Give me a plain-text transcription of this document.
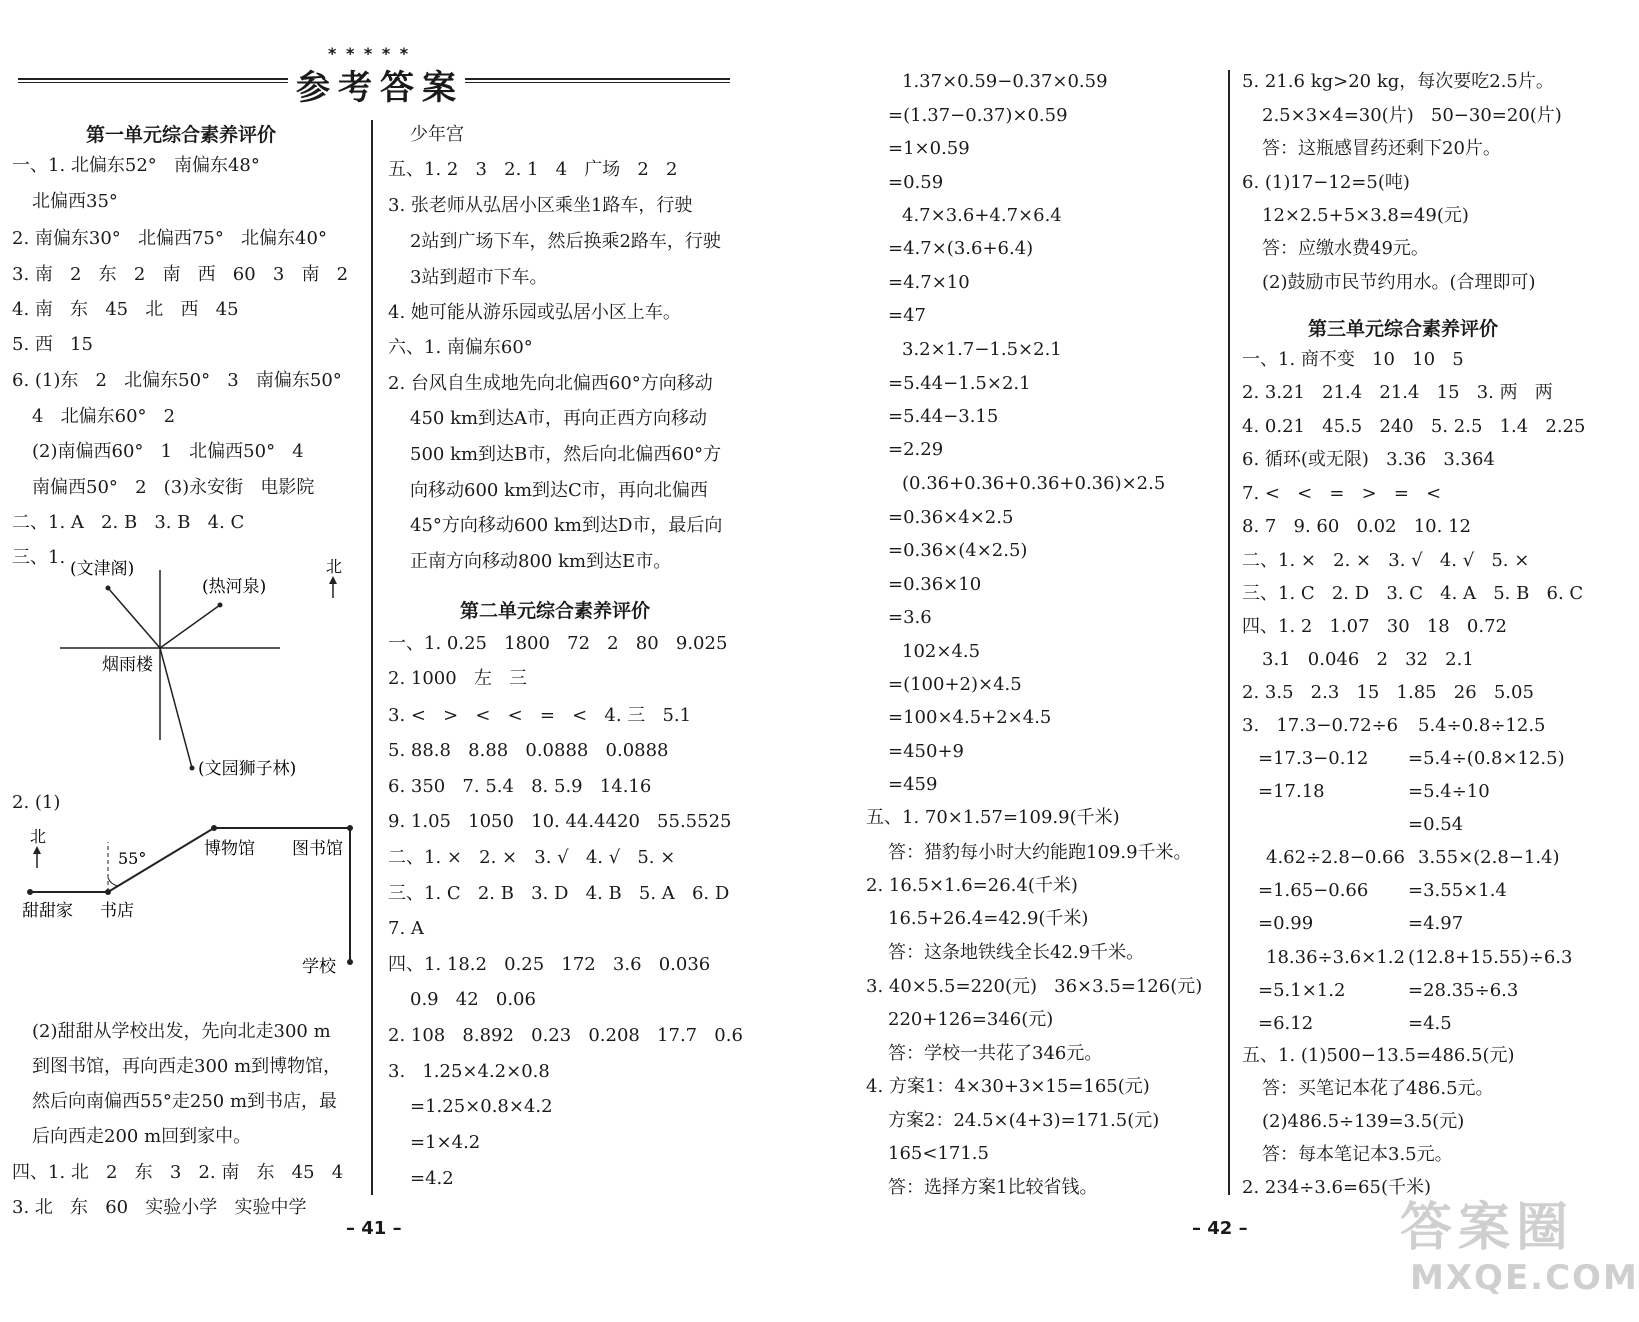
* * * * *
参考答案
第一单元综合素养评价
一、1. 北偏东52°   南偏东48°
北偏西35°
2. 南偏东30°   北偏西75°   北偏东40°
3. 南   2   东   2   南   西   60   3   南   2
4. 南   东   45   北   西   45
5. 西   15
6. (1)东   2   北偏东50°   3   南偏东50°
4   北偏东60°   2
(2)南偏西60°   1   北偏西50°   4
南偏西50°   2   (3)永安街   电影院
二、1. A   2. B   3. B   4. C
三、1.
(文津阁)
(热河泉)
北
烟雨楼
(文园狮子林)
2. (1)
北
55°	博物馆 图书馆
甜甜家 书店
学校
(2)甜甜从学校出发，先向北走300 m
到图书馆，再向西走300 m到博物馆，
然后向南偏西55°走250 m到书店，最
后向西走200 m回到家中。
四、1. 北   2   东   3   2. 南   东   45   4
3. 北   东   60   实验小学   实验中学
少年宫
五、1. 2   3   2. 1   4   广场   2   2
3. 张老师从弘居小区乘坐1路车，行驶
2站到广场下车，然后换乘2路车，行驶
3站到超市下车。
4. 她可能从游乐园或弘居小区上车。
六、1. 南偏东60°
2. 台风自生成地先向北偏西60°方向移动
450 km到达A市，再向正西方向移动
500 km到达B市，然后向北偏西60°方
向移动600 km到达C市，再向北偏西
45°方向移动600 km到达D市，最后向
正南方向移动800 km到达E市。
第二单元综合素养评价
一、1. 0.25   1800   72   2   80   9.025
2. 1000   左   三
3. <   >   <   <   =   <   4. 三   5.1
5. 88.8   8.88   0.0888   0.0888
6. 350   7. 5.4   8. 5.9   14.16
9. 1.05   1050   10. 44.4420   55.5525
二、1. ×   2. ×   3. √   4. √   5. ×
三、1. C   2. B   3. D   4. B   5. A   6. D
7. A
四、1. 18.2   0.25   172   3.6   0.036
0.9   42   0.06
2. 108   8.892   0.23   0.208   17.7   0.6
3.   1.25×4.2×0.8
=1.25×0.8×4.2
=1×4.2
=4.2
1.37×0.59−0.37×0.59
=(1.37−0.37)×0.59
=1×0.59
=0.59
4.7×3.6+4.7×6.4
=4.7×(3.6+6.4)
=4.7×10
=47
3.2×1.7−1.5×2.1
=5.44−1.5×2.1
=5.44−3.15
=2.29
(0.36+0.36+0.36+0.36)×2.5
=0.36×4×2.5
=0.36×(4×2.5)
=0.36×10
=3.6
102×4.5
=(100+2)×4.5
=100×4.5+2×4.5
=450+9
=459
五、1. 70×1.57=109.9(千米)
答：猎豹每小时大约能跑109.9千米。
2. 16.5×1.6=26.4(千米)
16.5+26.4=42.9(千米)
答：这条地铁线全长42.9千米。
3. 40×5.5=220(元)   36×3.5=126(元)
220+126=346(元)
答：学校一共花了346元。
4. 方案1：4×30+3×15=165(元)
方案2：24.5×(4+3)=171.5(元)
165<171.5
答：选择方案1比较省钱。
5. 21.6 kg>20 kg，每次要吃2.5片。
2.5×3×4=30(片)   50−30=20(片)
答：这瓶感冒药还剩下20片。
6. (1)17−12=5(吨)
12×2.5+5×3.8=49(元)
答：应缴水费49元。
(2)鼓励市民节约用水。(合理即可)
第三单元综合素养评价
一、1. 商不变   10   10   5
2. 3.21   21.4   21.4   15   3. 两   两
4. 0.21   45.5   240   5. 2.5   1.4   2.25
6. 循环(或无限)   3.36̇   3.364
7. <   <   =   >   =   <
8. 7   9. 60   0.02   10. 12
二、1. ×   2. ×   3. √   4. √   5. ×
三、1. C   2. D   3. C   4. A   5. B   6. C
四、1. 2   1.07   30   18   0.72
3.1   0.046   2   32   2.1
2. 3.5   2.3   15   1.85   26   5.05
3.   17.3−0.72÷6
=17.3−0.12
=17.18
4.62÷2.8−0.66
=1.65−0.66
=0.99
18.36÷3.6×1.2
=5.1×1.2
=6.12
5.4÷0.8÷12.5
=5.4÷(0.8×12.5)
=5.4÷10
=0.54
3.55×(2.8−1.4)
=3.55×1.4
=4.97
(12.8+15.55)÷6.3
=28.35÷6.3
=4.5
五、1. (1)500−13.5=486.5(元)
答：买笔记本花了486.5元。
(2)486.5÷139=3.5(元)
答：每本笔记本3.5元。
2. 234÷3.6=65(千米)
– 41 –	– 42 –	答案圈
MXQE.COM
